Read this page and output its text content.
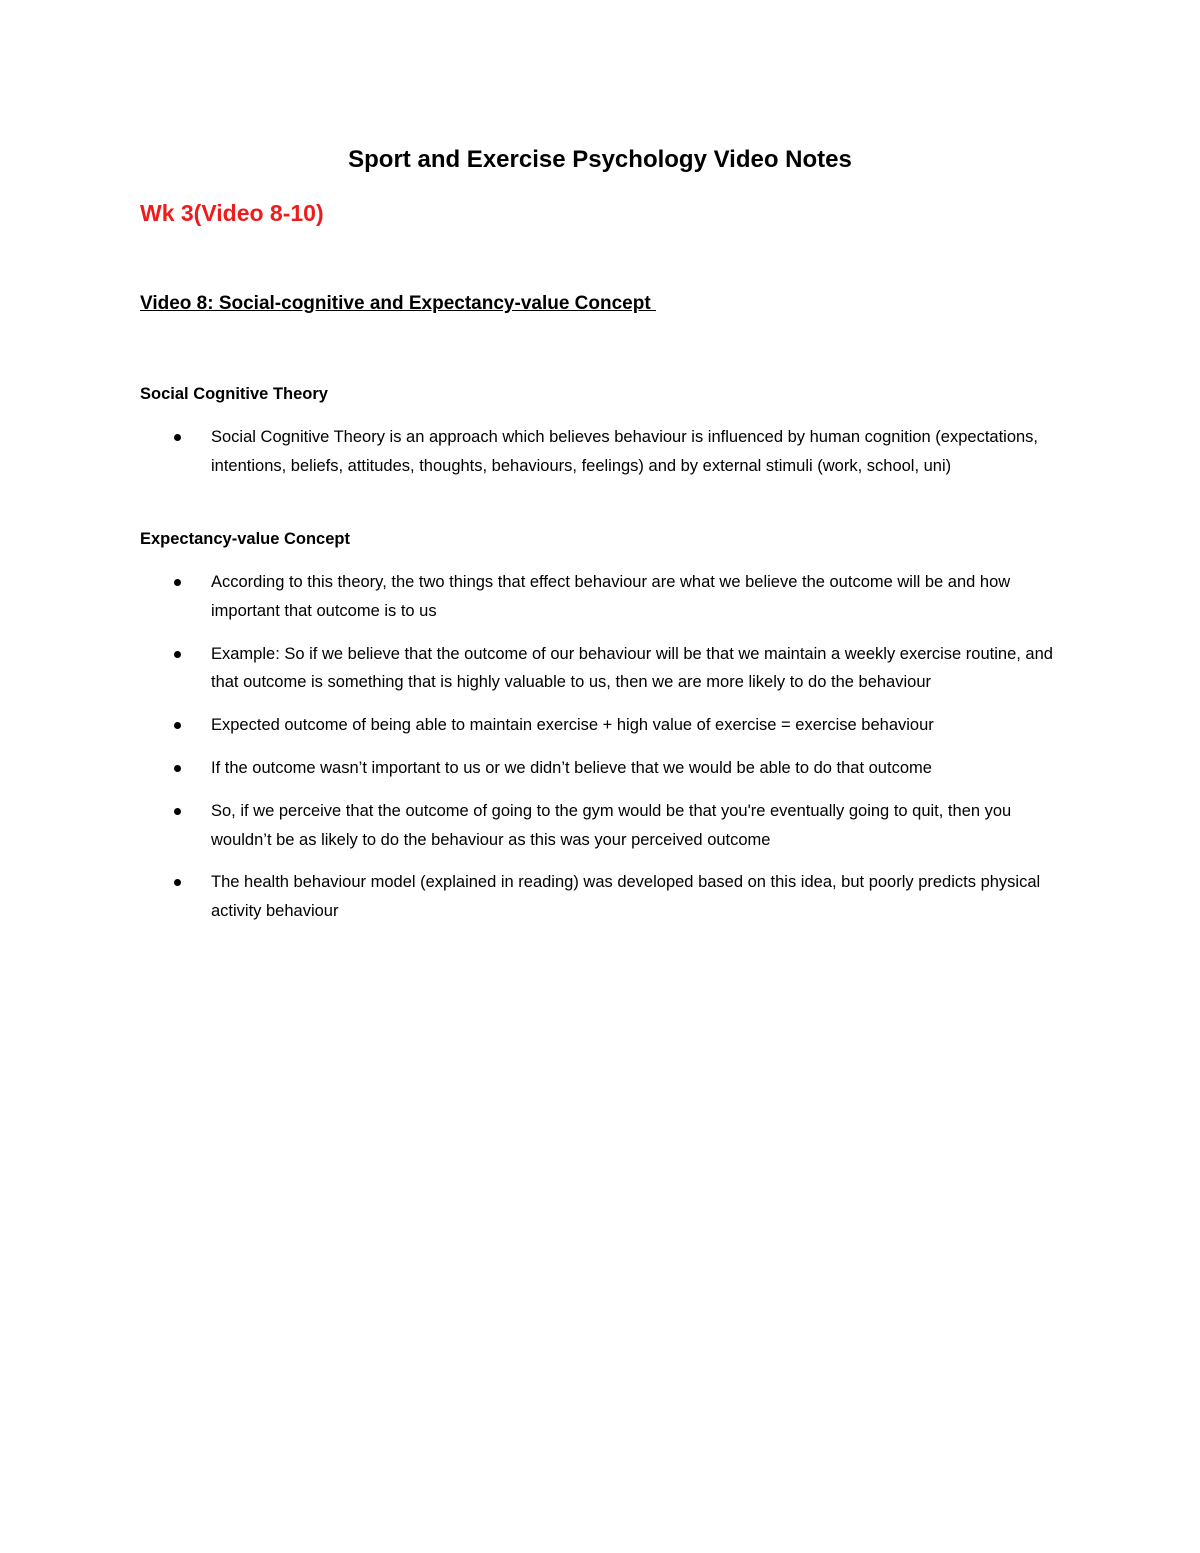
Sport and Exercise Psychology Video Notes
Wk 3(Video 8-10)
Video 8: Social-cognitive and Expectancy-value Concept
Social Cognitive Theory
Social Cognitive Theory is an approach which believes behaviour is influenced by human cognition (expectations, intentions, beliefs, attitudes, thoughts, behaviours, feelings) and by external stimuli (work, school, uni)
Expectancy-value Concept
According to this theory, the two things that effect behaviour are what we believe the outcome will be and how important that outcome is to us
Example: So if we believe that the outcome of our behaviour will be that we maintain a weekly exercise routine, and that outcome is something that is highly valuable to us, then we are more likely to do the behaviour
Expected outcome of being able to maintain exercise + high value of exercise = exercise behaviour
If the outcome wasn’t important to us or we didn’t believe that we would be able to do that outcome
So, if we perceive that the outcome of going to the gym would be that you're eventually going to quit, then you wouldn’t be as likely to do the behaviour as this was your perceived outcome
The health behaviour model (explained in reading) was developed based on this idea, but poorly predicts physical activity behaviour
